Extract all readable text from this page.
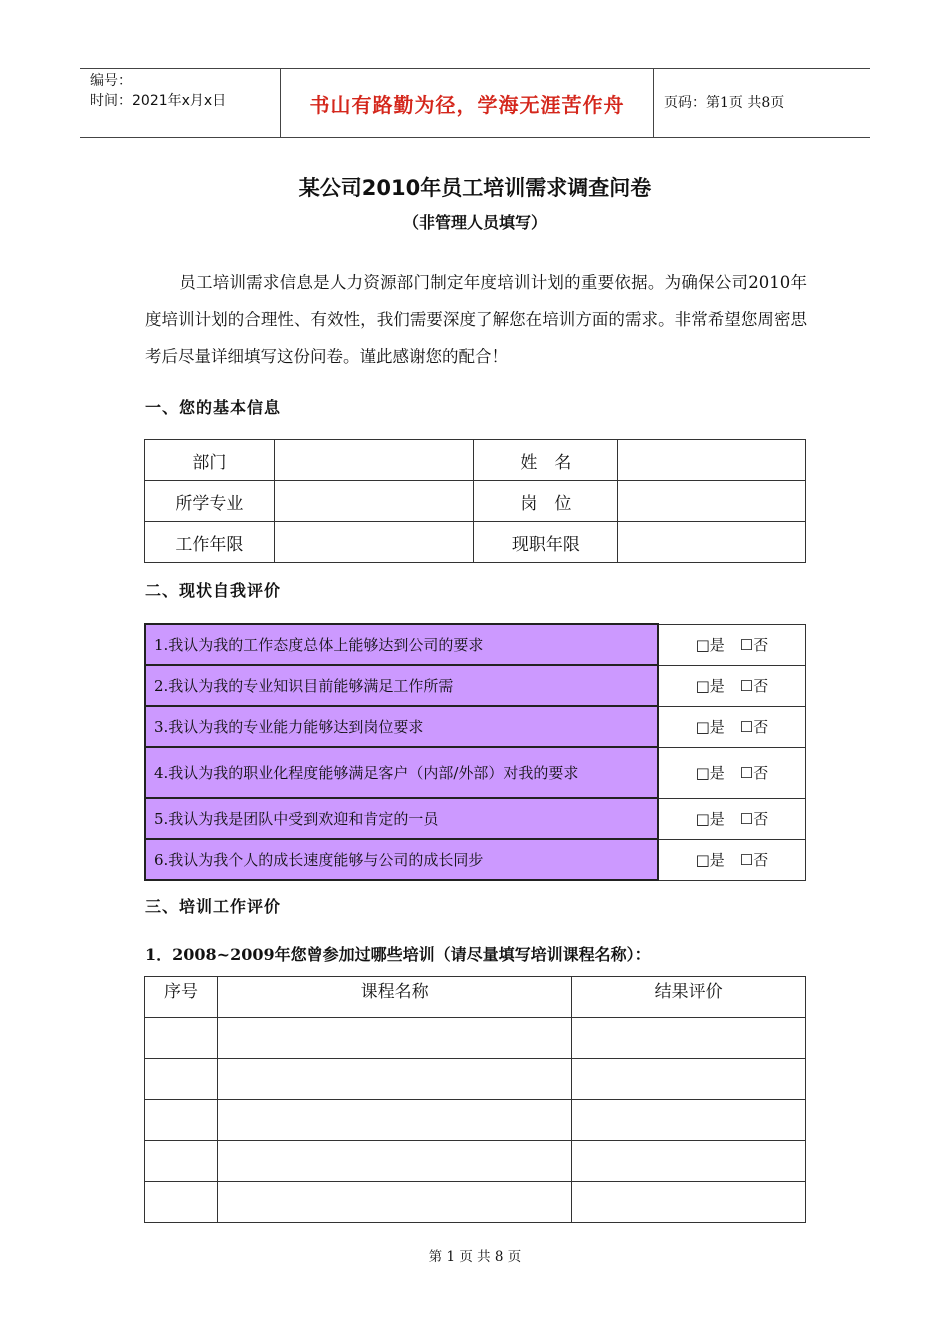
编号：
时间：2021年x月x日	书山有路勤为径，学海无涯苦作舟	页码：第1页 共8页
某公司2010年员工培训需求调查问卷
（非管理人员填写）
员工培训需求信息是人力资源部门制定年度培训计划的重要依据。为确保公司2010年度培训计划的合理性、有效性，我们需要深度了解您在培训方面的需求。非常希望您周密思考后尽量详细填写这份问卷。谨此感谢您的配合！
一、您的基本信息
部门		姓　名	
所学专业		岗　位	
工作年限		现职年限	
二、现状自我评价
1.我认为我的工作态度总体上能够达到公司的要求	□是　☐否
2.我认为我的专业知识目前能够满足工作所需	□是　☐否
3.我认为我的专业能力能够达到岗位要求	□是　☐否
4.我认为我的职业化程度能够满足客户（内部/外部）对我的要求	□是　☐否
5.我认为我是团队中受到欢迎和肯定的一员	□是　☐否
6.我认为我个人的成长速度能够与公司的成长同步	□是　☐否
三、培训工作评价
1．2008~2009年您曾参加过哪些培训（请尽量填写培训课程名称）：
序号	课程名称	结果评价

第 1 页 共 8 页
